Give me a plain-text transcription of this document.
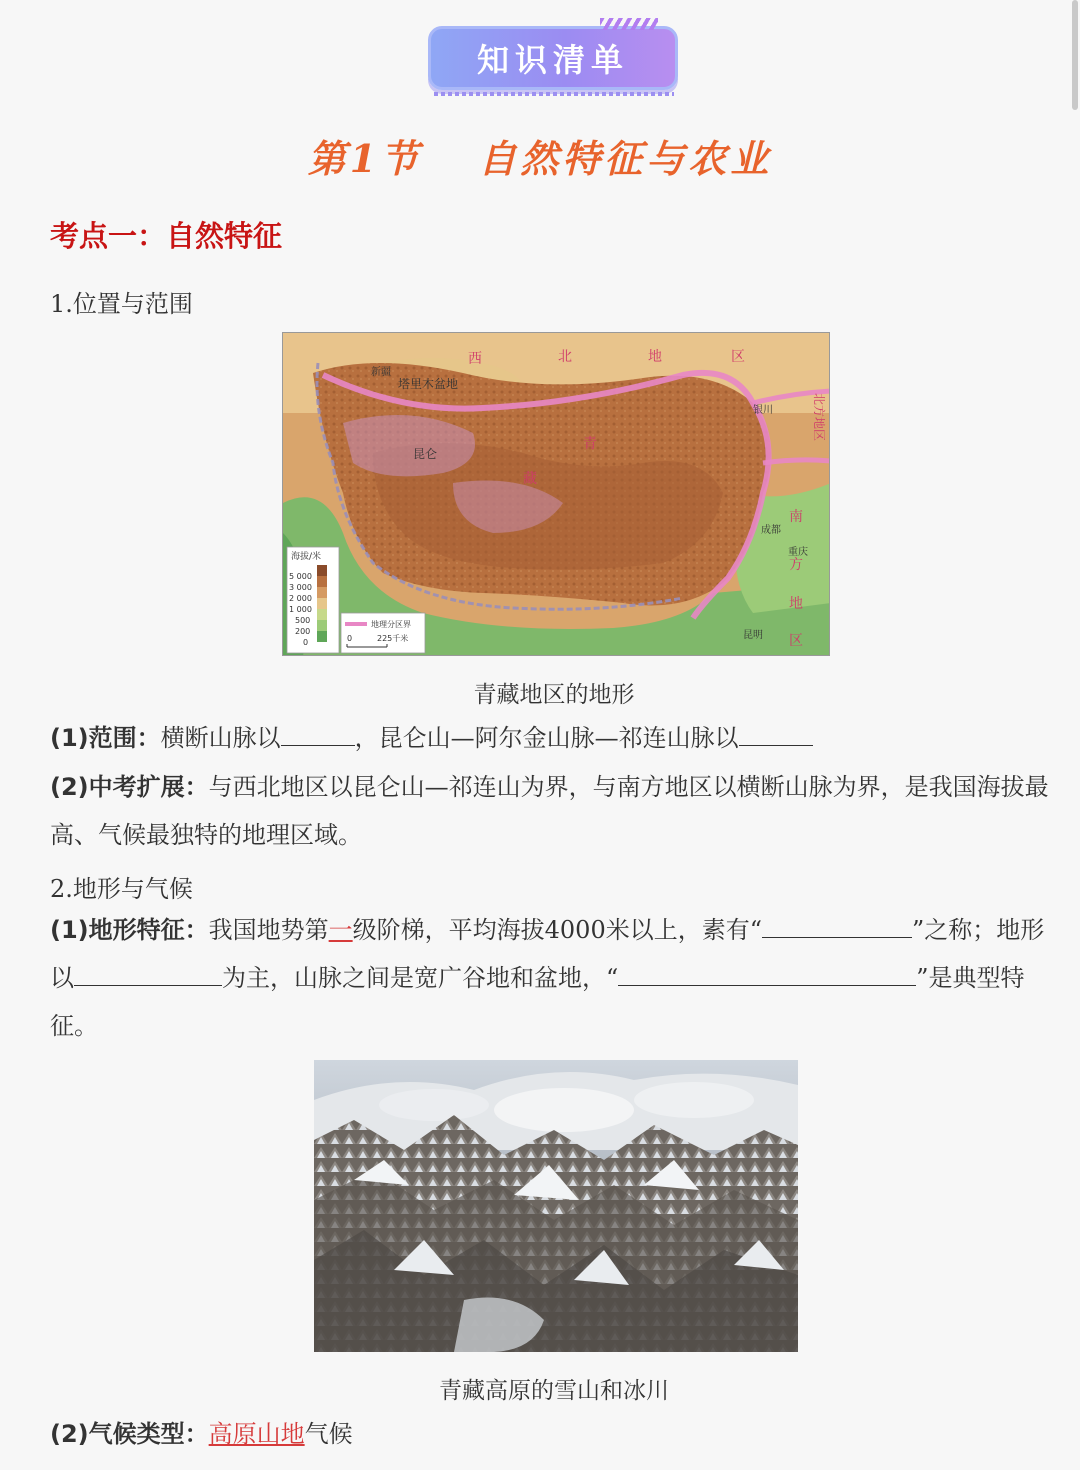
知识清单
第1节 自然特征与农业
考点一：自然特征
1.位置与范围
西	北	地	区
北方地区
南
方
地
区
塔里木盆地
新疆
昆仑
青
藏
银川
成都
重庆
昆明
海拔/米
5 000
3 000
2 000
1 000
500
200
0
地理分区界
0	225千米
青藏地区的地形
(1)范围：横断山脉以	，昆仑山—阿尔金山脉—祁连山脉以
(2)中考扩展：与西北地区以昆仑山—祁连山为界，与南方地区以横断山脉为界，是我国海拔最高、气候最独特的地理区域。
2.地形与气候
(1)地形特征：我国地势第一级阶梯，平均海拔4000米以上，素有“	”之称；地形以	为主，山脉之间是宽广谷地和盆地，“	”是典型特征。
青藏高原的雪山和冰川
(2)气候类型：高原山地气候
